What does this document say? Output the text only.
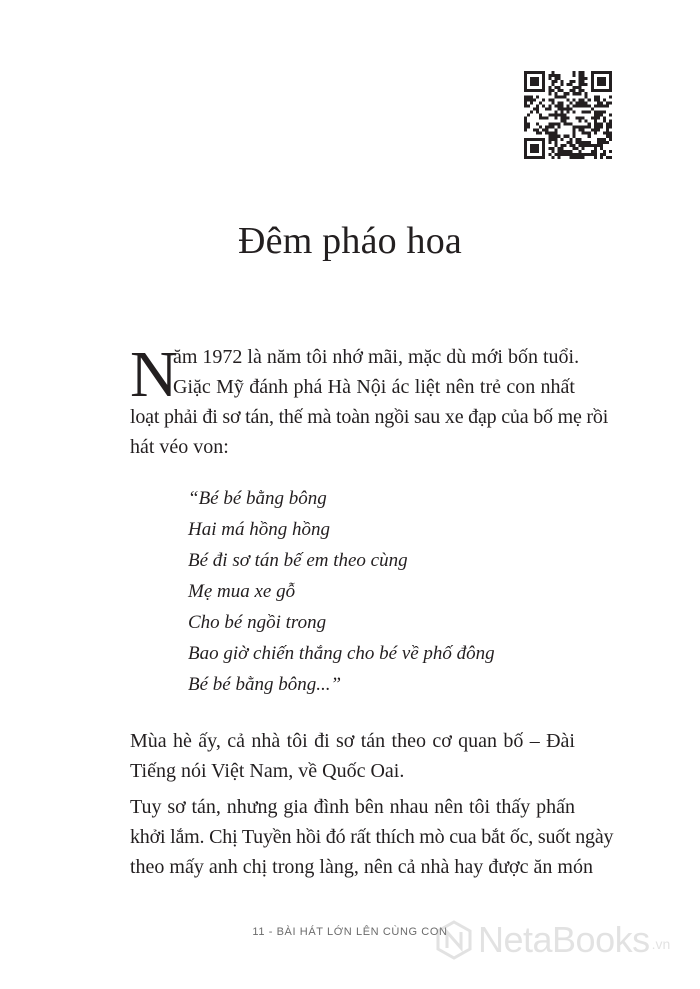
Đêm pháo hoa
N
ăm 1972 là năm tôi nhớ mãi, mặc dù mới bốn tuổi.
Giặc Mỹ đánh phá Hà Nội ác liệt nên trẻ con nhất
loạt phải đi sơ tán, thế mà toàn ngồi sau xe đạp của bố mẹ rồi
hát véo von:
“Bé bé bằng bông
Hai má hồng hồng
Bé đi sơ tán bế em theo cùng
Mẹ mua xe gỗ
Cho bé ngồi trong
Bao giờ chiến thắng cho bé về phố đông
Bé bé bằng bông...”
Mùa hè ấy, cả nhà tôi đi sơ tán theo cơ quan bố – Đài
Tiếng nói Việt Nam, về Quốc Oai.
Tuy sơ tán, nhưng gia đình bên nhau nên tôi thấy phấn
khởi lắm. Chị Tuyền hồi đó rất thích mò cua bắt ốc, suốt ngày
theo mấy anh chị trong làng, nên cả nhà hay được ăn món
11 - BÀI HÁT LỚN LÊN CÙNG CON NetaBooks .vn
